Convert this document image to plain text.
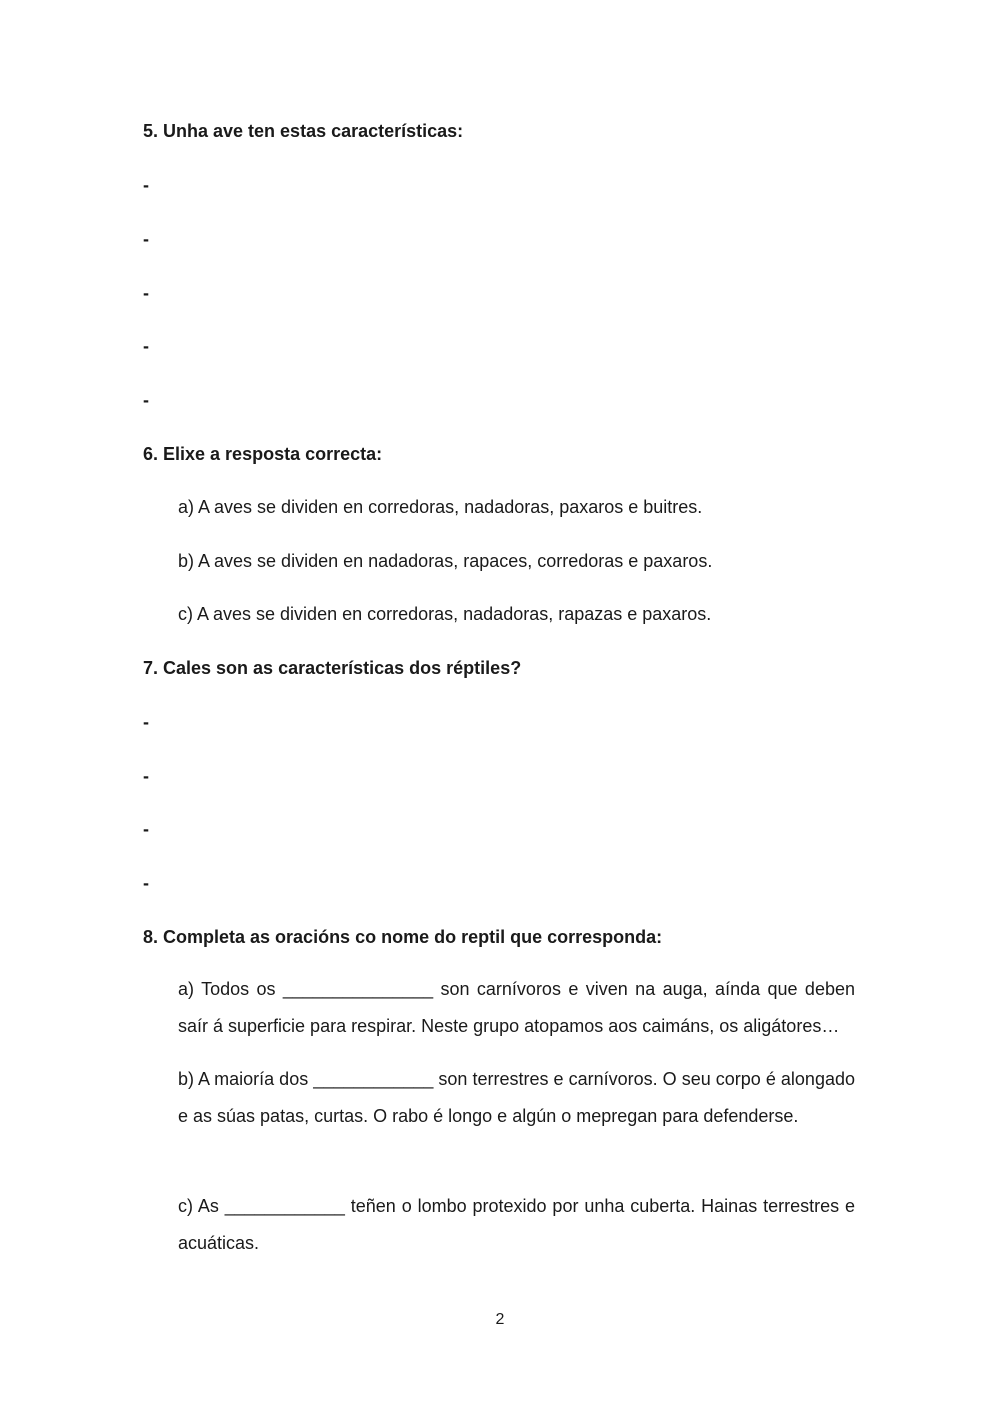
5. Unha ave ten estas características:
-
-
-
-
-
6. Elixe a resposta correcta:
a) A aves se dividen en corredoras, nadadoras, paxaros e buitres.
b) A aves se dividen en nadadoras, rapaces, corredoras e paxaros.
c) A aves se dividen en corredoras, nadadoras, rapazas e paxaros.
7. Cales son as características dos réptiles?
-
-
-
-
8. Completa as oracións co nome do reptil que corresponda:

a) Todos os _______________ son carnívoros e viven na auga, aínda que deben saír á superficie para respirar. Neste grupo atopamos aos caimáns, os aligátores…

b) A maioría dos ____________ son terrestres e carnívoros. O seu corpo é alongado e as súas patas, curtas. O rabo é longo e algún o mepregan para defenderse.

c) As ____________ teñen o lombo protexido por unha cuberta. Hainas terrestres e acuáticas.

2
